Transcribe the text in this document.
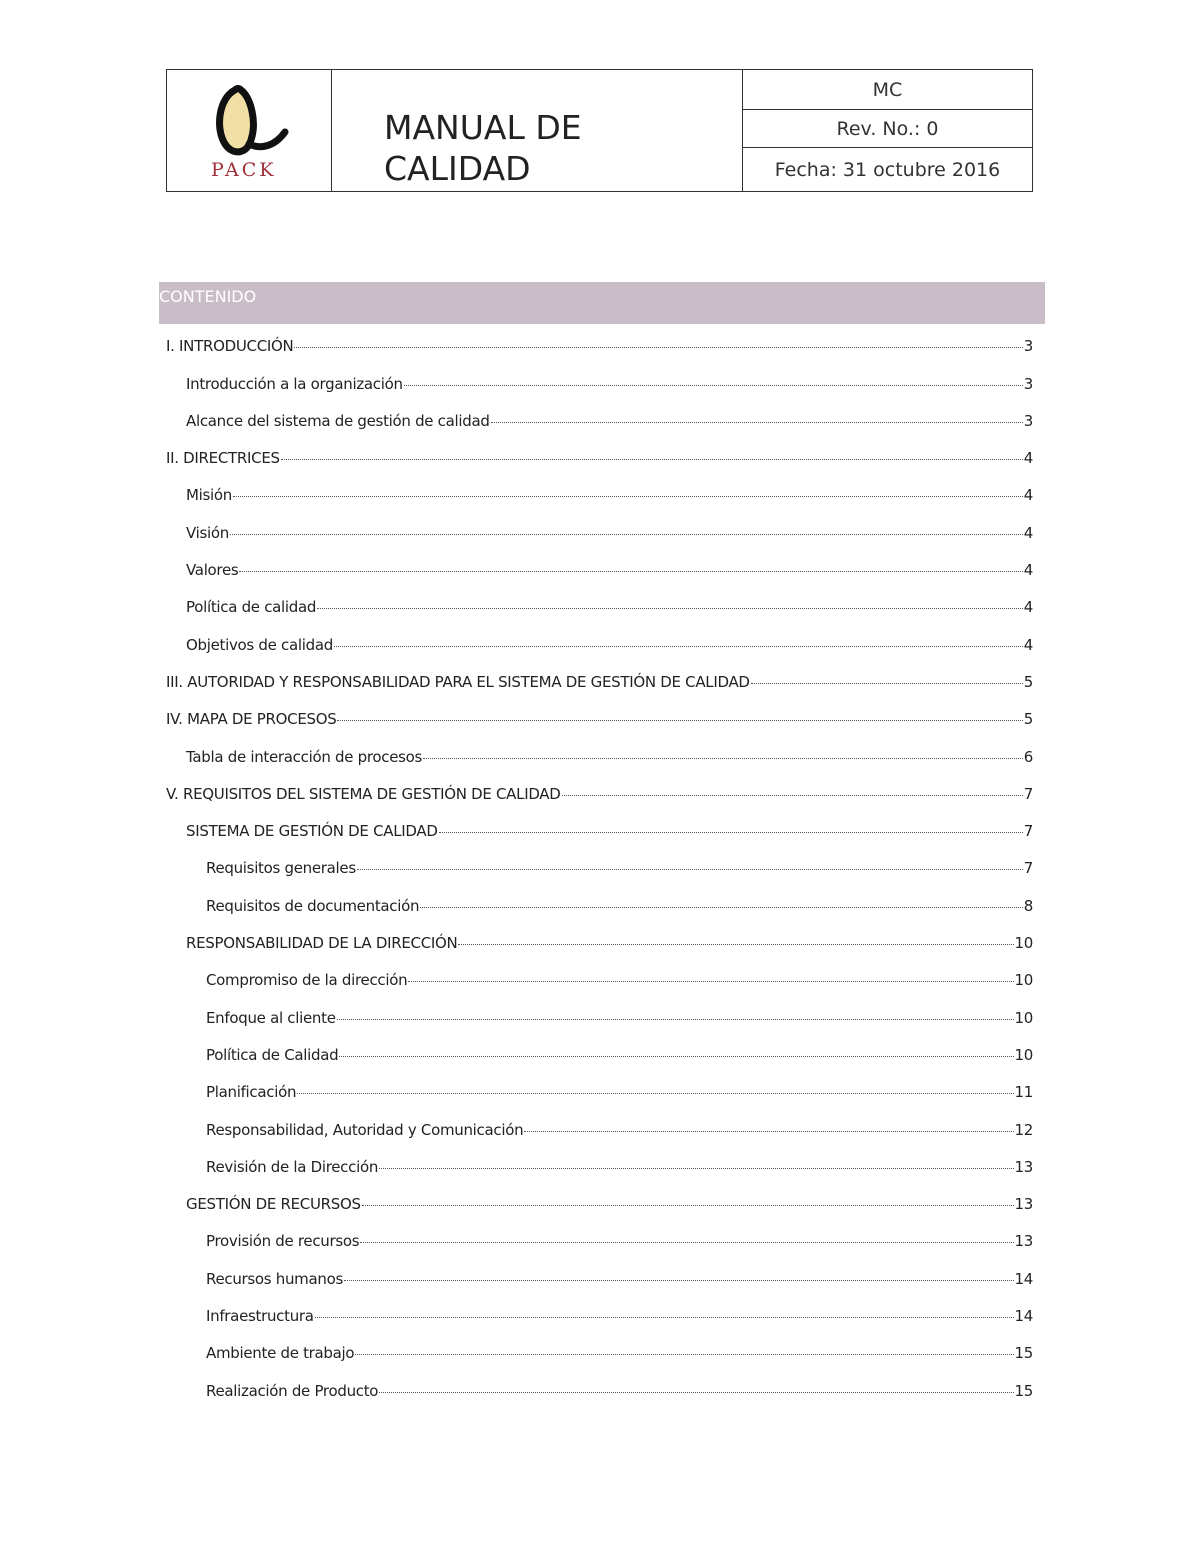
PACK

MANUAL DE
CALIDAD
	MC
Rev. No.: 0
Fecha: 31 octubre 2016
CONTENIDO
I. INTRODUCCIÓN	3
Introducción a la organización	3
Alcance del sistema de gestión de calidad	3
II. DIRECTRICES	4
Misión	4
Visión	4
Valores	4
Política de calidad	4
Objetivos de calidad	4
III. AUTORIDAD Y RESPONSABILIDAD PARA EL SISTEMA DE GESTIÓN DE CALIDAD	5
IV. MAPA DE PROCESOS	5
Tabla de interacción de procesos	6
V. REQUISITOS DEL SISTEMA DE GESTIÓN DE CALIDAD	7
SISTEMA DE GESTIÓN DE CALIDAD	7
Requisitos generales	7
Requisitos de documentación	8
RESPONSABILIDAD DE LA DIRECCIÓN	10
Compromiso de la dirección	10
Enfoque al cliente	10
Política de Calidad	10
Planificación	11
Responsabilidad, Autoridad y Comunicación	12
Revisión de la Dirección	13
GESTIÓN DE RECURSOS	13
Provisión de recursos	13
Recursos humanos	14
Infraestructura	14
Ambiente de trabajo	15
Realización de Producto	15
